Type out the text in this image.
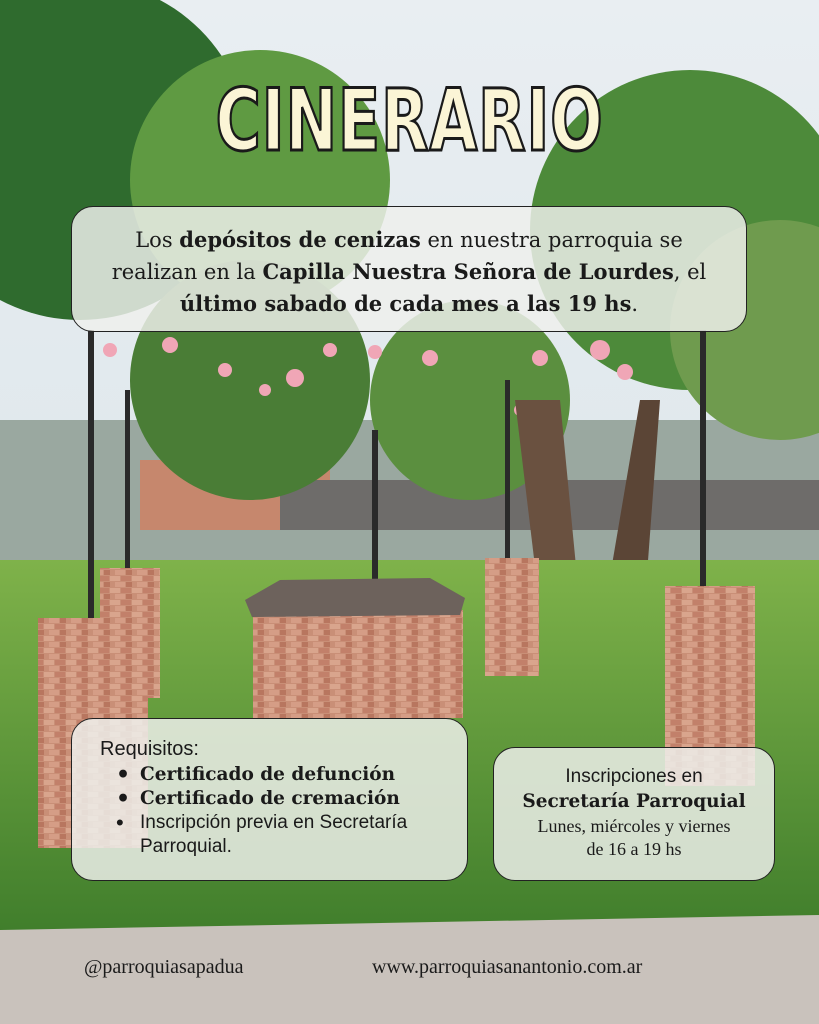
CINERARIO
Los depósitos de cenizas en nuestra parroquia se realizan en la Capilla Nuestra Señora de Lourdes, el último sabado de cada mes a las 19 hs.
Requisitos:
• Certificado de defunción
• Certificado de cremación
• Inscripción previa en Secretaría Parroquial.
Inscripciones en
Secretaría Parroquial
Lunes, miércoles y viernes
de 16 a 19 hs
@parroquiasapadua	www.parroquiasanantonio.com.ar
